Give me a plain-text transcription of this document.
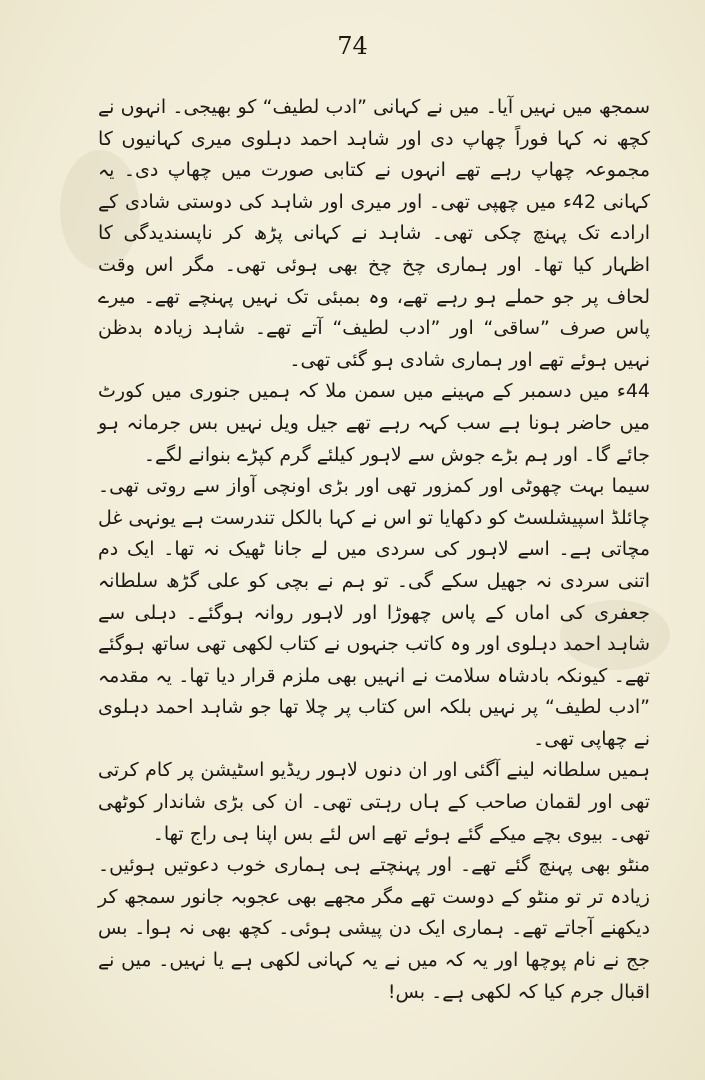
74

سمجھ میں نہیں آیا۔ میں نے کہانی ”ادب لطیف“ کو بھیجی۔ انہوں نے کچھ نہ کہا فوراً چھاپ دی اور شاہد احمد دہلوی میری کہانیوں کا مجموعہ چھاپ رہے تھے انہوں نے کتابی صورت میں چھاپ دی۔ یہ کہانی 42ء میں چھپی تھی۔ اور میری اور شاہد کی دوستی شادی کے ارادے تک پہنچ چکی تھی۔ شاہد نے کہانی پڑھ کر ناپسندیدگی کا اظہار کیا تھا۔ اور ہماری چخ چخ بھی ہوئی تھی۔ مگر اس وقت لحاف پر جو حملے ہو رہے تھے، وہ بمبئی تک نہیں پہنچے تھے۔ میرے پاس صرف ”ساقی“ اور ”ادب لطیف“ آتے تھے۔ شاہد زیادہ بدظن نہیں ہوئے تھے اور ہماری شادی ہو گئی تھی۔

44ء میں دسمبر کے مہینے میں سمن ملا کہ ہمیں جنوری میں کورٹ میں حاضر ہونا ہے سب کہہ رہے تھے جیل ویل نہیں بس جرمانہ ہو جائے گا۔ اور ہم بڑے جوش سے لاہور کیلئے گرم کپڑے بنوانے لگے۔

سیما بہت چھوٹی اور کمزور تھی اور بڑی اونچی آواز سے روتی تھی۔ چائلڈ اسپیشلسٹ کو دکھایا تو اس نے کہا بالکل تندرست ہے یونہی غل مچاتی ہے۔ اسے لاہور کی سردی میں لے جانا ٹھیک نہ تھا۔ ایک دم اتنی سردی نہ جھیل سکے گی۔ تو ہم نے بچی کو علی گڑھ سلطانہ جعفری کی اماں کے پاس چھوڑا اور لاہور روانہ ہوگئے۔ دہلی سے شاہد احمد دہلوی اور وہ کاتب جنہوں نے کتاب لکھی تھی ساتھ ہوگئے تھے۔ کیونکہ بادشاہ سلامت نے انہیں بھی ملزم قرار دیا تھا۔ یہ مقدمہ ”ادب لطیف“ پر نہیں بلکہ اس کتاب پر چلا تھا جو شاہد احمد دہلوی نے چھاپی تھی۔

ہمیں سلطانہ لینے آگئی اور ان دنوں لاہور ریڈیو اسٹیشن پر کام کرتی تھی اور لقمان صاحب کے ہاں رہتی تھی۔ ان کی بڑی شاندار کوٹھی تھی۔ بیوی بچے میکے گئے ہوئے تھے اس لئے بس اپنا ہی راج تھا۔

منٹو بھی پہنچ گئے تھے۔ اور پہنچتے ہی ہماری خوب دعوتیں ہوئیں۔ زیادہ تر تو منٹو کے دوست تھے مگر مجھے بھی عجوبہ جانور سمجھ کر دیکھنے آجاتے تھے۔ ہماری ایک دن پیشی ہوئی۔ کچھ بھی نہ ہوا۔ بس جج نے نام پوچھا اور یہ کہ میں نے یہ کہانی لکھی ہے یا نہیں۔ میں نے اقبال جرم کیا کہ لکھی ہے۔ بس!
